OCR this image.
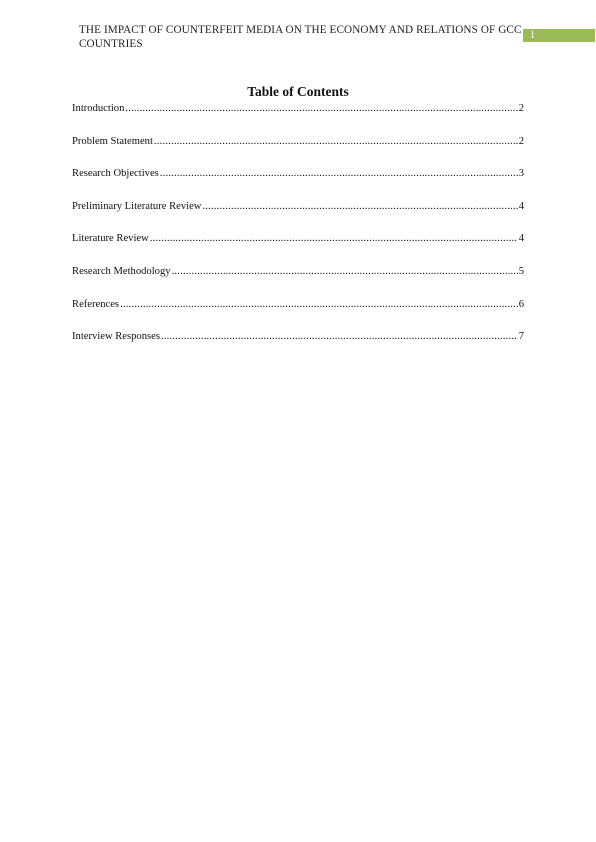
THE IMPACT OF COUNTERFEIT MEDIA ON THE ECONOMY AND RELATIONS OF GCC COUNTRIES
1
Table of Contents
Introduction .....	2
Problem Statement .....	2
Research Objectives .....	3
Preliminary Literature Review .....	4
Literature Review .....	4
Research Methodology .....	5
References .....	6
Interview Responses .....	7
